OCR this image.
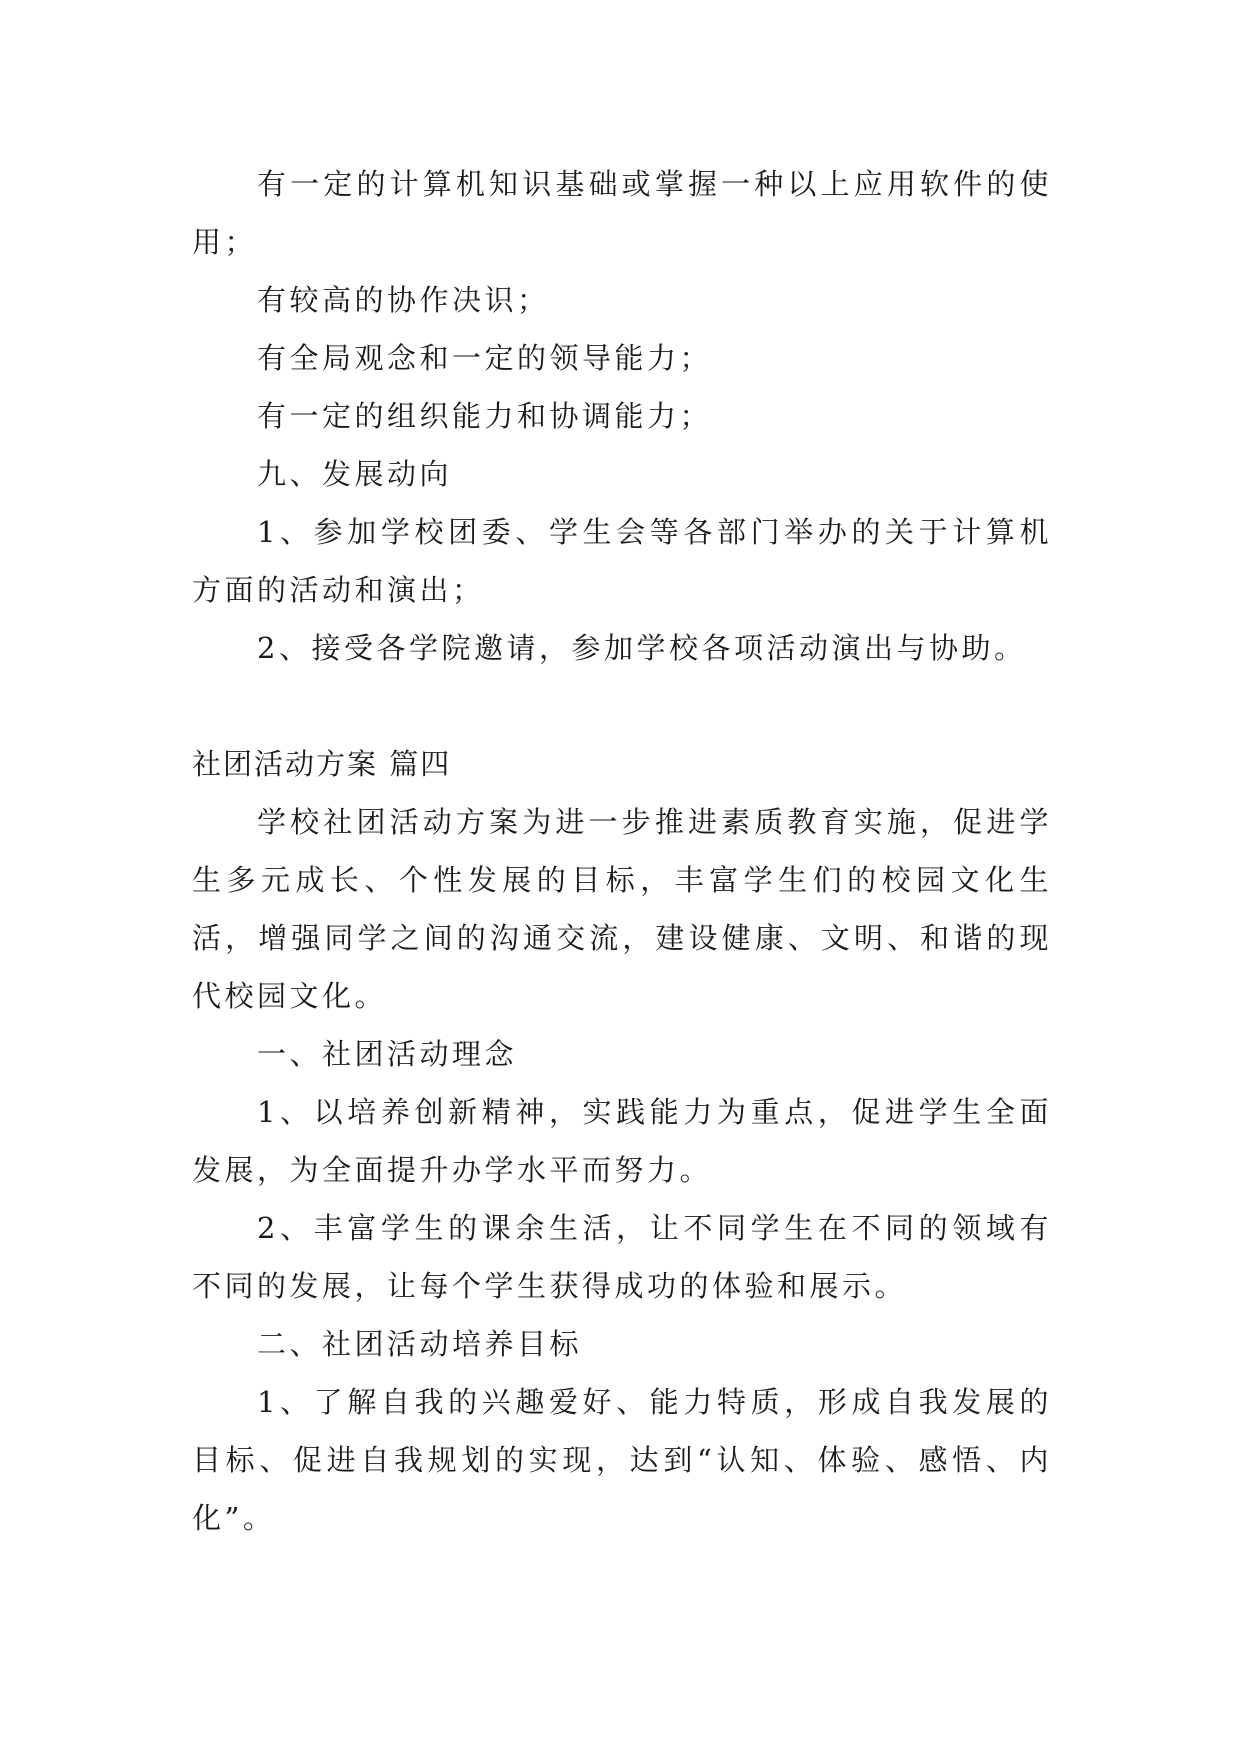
有一定的计算机知识基础或掌握一种以上应用软件的使用；

有较高的协作决识；

有全局观念和一定的领导能力；

有一定的组织能力和协调能力；

九、发展动向

1、参加学校团委、学生会等各部门举办的关于计算机方面的活动和演出；

2、接受各学院邀请，参加学校各项活动演出与协助。

社团活动方案 篇四

学校社团活动方案为进一步推进素质教育实施，促进学生多元成长、个性发展的目标，丰富学生们的校园文化生活，增强同学之间的沟通交流，建设健康、文明、和谐的现代校园文化。

一、社团活动理念

1、以培养创新精神，实践能力为重点，促进学生全面发展，为全面提升办学水平而努力。

2、丰富学生的课余生活，让不同学生在不同的领域有不同的发展，让每个学生获得成功的体验和展示。

二、社团活动培养目标

1、了解自我的兴趣爱好、能力特质，形成自我发展的目标、促进自我规划的实现，达到“认知、体验、感悟、内化”。
